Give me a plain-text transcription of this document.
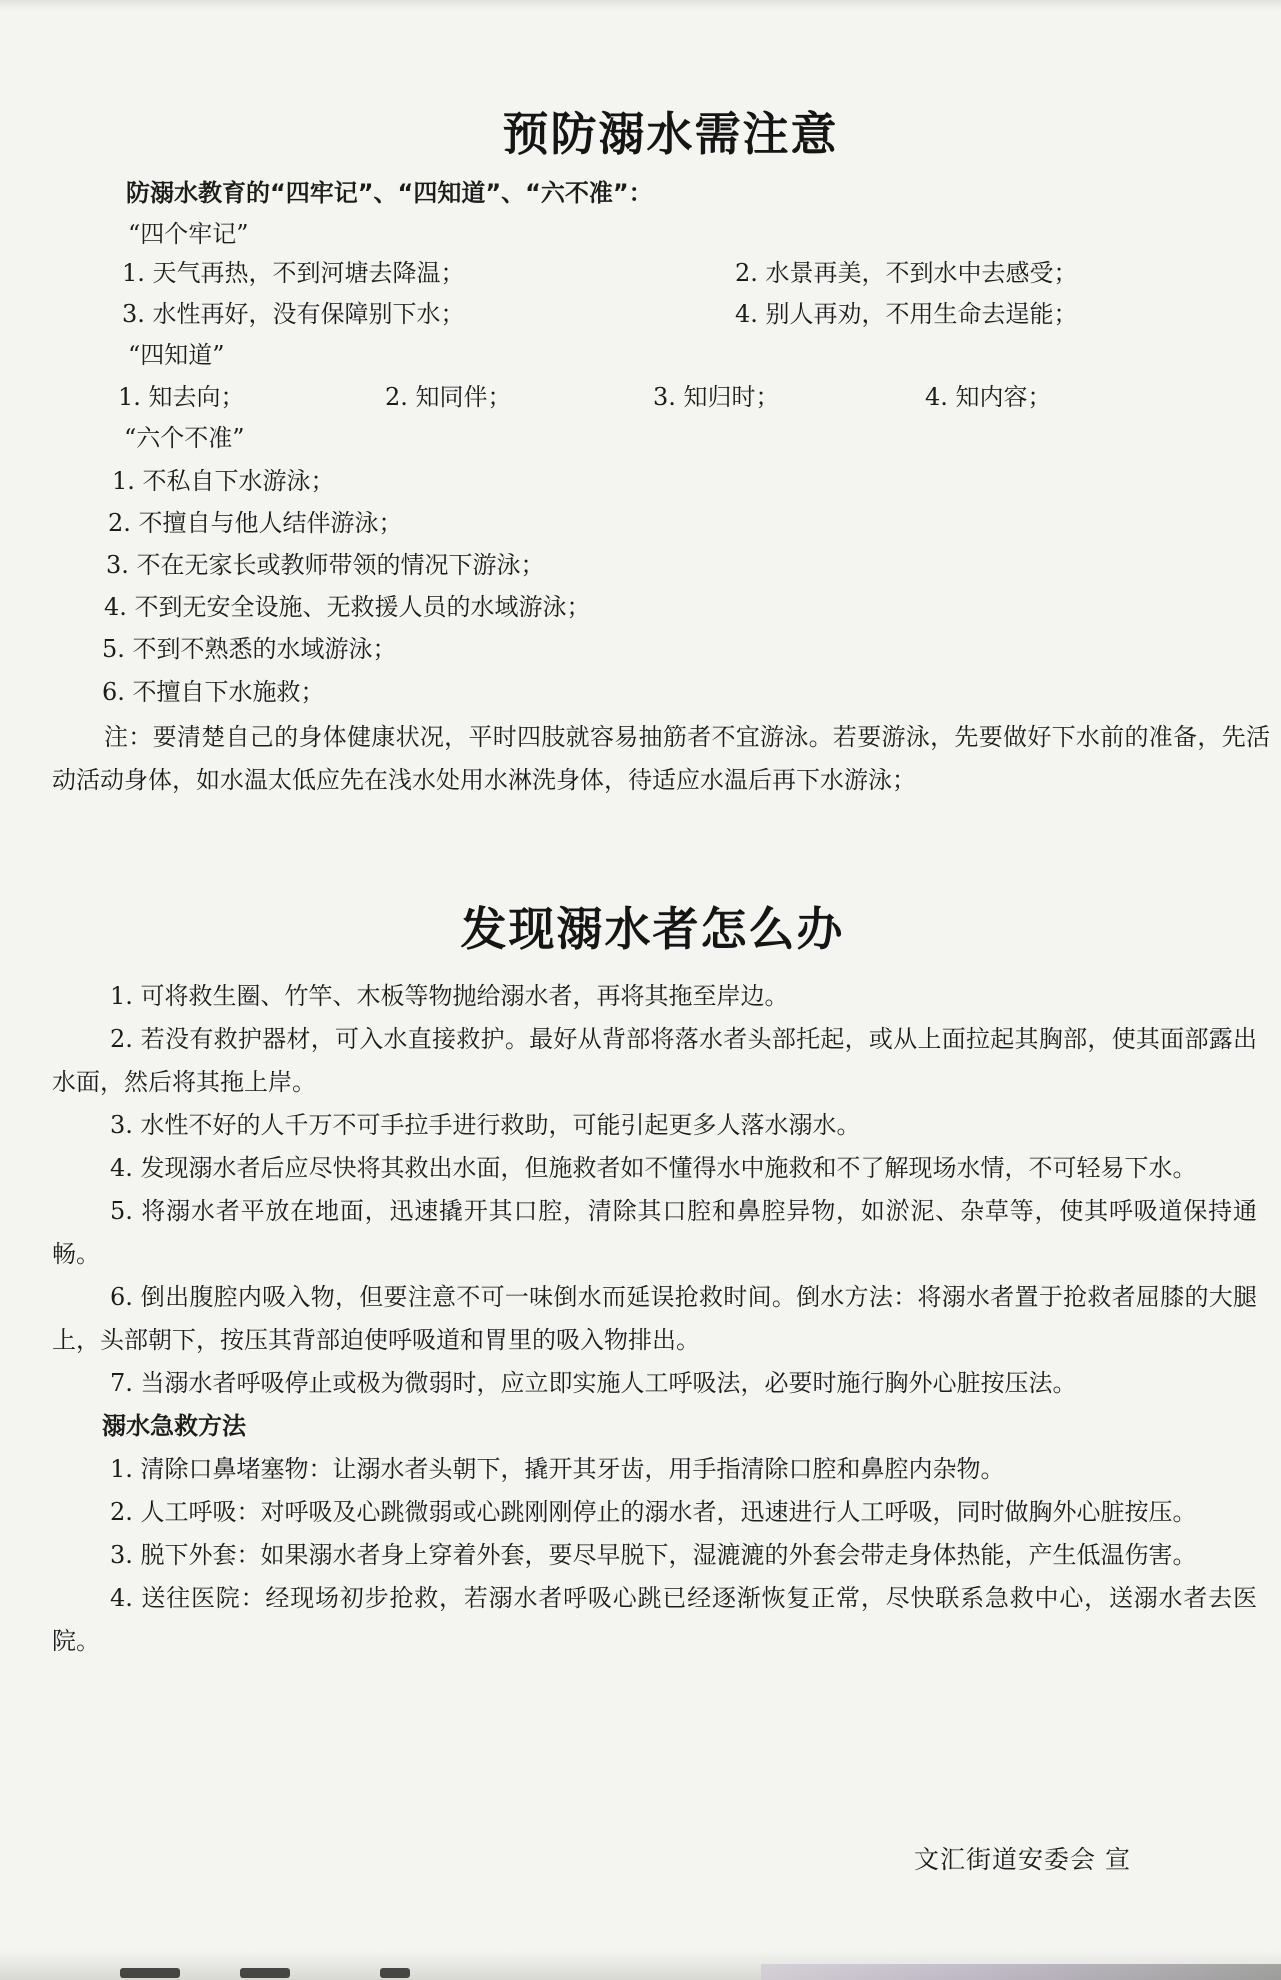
预防溺水需注意

防溺水教育的“四牢记”、“四知道”、“六不准”：

“四个牢记”

1. 天气再热，不到河塘去降温；	2. 水景再美，不到水中去感受；

3. 水性再好，没有保障别下水；	4. 别人再劝，不用生命去逞能；

“四知道”

1. 知去向；	2. 知同伴；	3. 知归时；	4. 知内容；

“六个不准”

1. 不私自下水游泳；

2. 不擅自与他人结伴游泳；

3. 不在无家长或教师带领的情况下游泳；

4. 不到无安全设施、无救援人员的水域游泳；

5. 不到不熟悉的水域游泳；

6. 不擅自下水施救；

注：要清楚自己的身体健康状况，平时四肢就容易抽筋者不宜游泳。若要游泳，先要做好下水前的准备，先活动活动身体，如水温太低应先在浅水处用水淋洗身体，待适应水温后再下水游泳；

发现溺水者怎么办

1. 可将救生圈、竹竿、木板等物抛给溺水者，再将其拖至岸边。

2. 若没有救护器材，可入水直接救护。最好从背部将落水者头部托起，或从上面拉起其胸部，使其面部露出水面，然后将其拖上岸。

3. 水性不好的人千万不可手拉手进行救助，可能引起更多人落水溺水。

4. 发现溺水者后应尽快将其救出水面，但施救者如不懂得水中施救和不了解现场水情，不可轻易下水。

5. 将溺水者平放在地面，迅速撬开其口腔，清除其口腔和鼻腔异物，如淤泥、杂草等，使其呼吸道保持通畅。

6. 倒出腹腔内吸入物，但要注意不可一味倒水而延误抢救时间。倒水方法：将溺水者置于抢救者屈膝的大腿上，头部朝下，按压其背部迫使呼吸道和胃里的吸入物排出。

7. 当溺水者呼吸停止或极为微弱时，应立即实施人工呼吸法，必要时施行胸外心脏按压法。

溺水急救方法

1. 清除口鼻堵塞物：让溺水者头朝下，撬开其牙齿，用手指清除口腔和鼻腔内杂物。

2. 人工呼吸：对呼吸及心跳微弱或心跳刚刚停止的溺水者，迅速进行人工呼吸，同时做胸外心脏按压。

3. 脱下外套：如果溺水者身上穿着外套，要尽早脱下，湿漉漉的外套会带走身体热能，产生低温伤害。

4. 送往医院：经现场初步抢救，若溺水者呼吸心跳已经逐渐恢复正常，尽快联系急救中心，送溺水者去医院。

文汇街道安委会 宣
